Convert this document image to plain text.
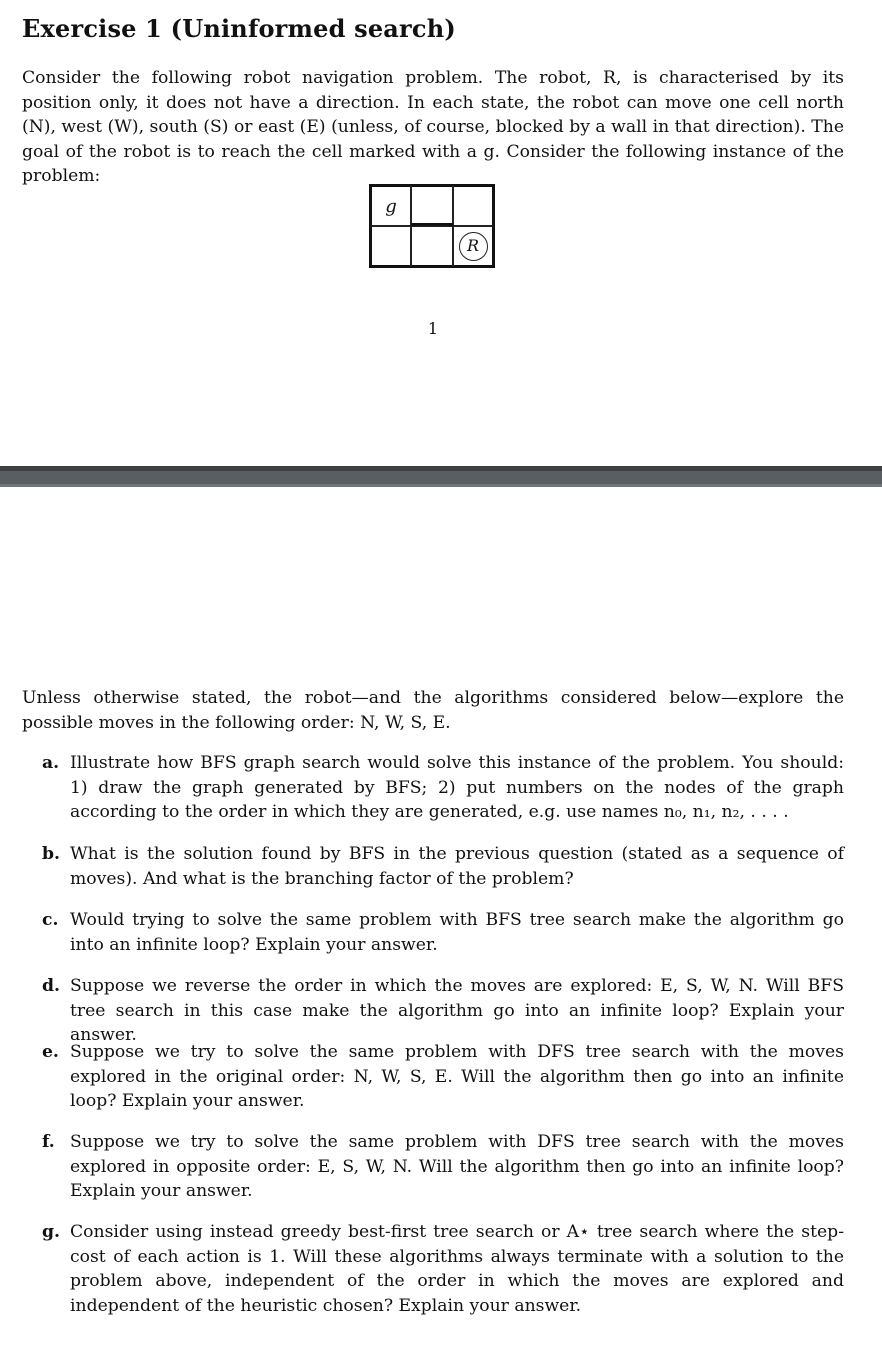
Exercise 1 (Uninformed search)

Consider the following robot navigation problem. The robot, R, is characterised by its position only, it does not have a direction. In each state, the robot can move one cell north (N), west (W), south (S) or east (E) (unless, of course, blocked by a wall in that direction). The goal of the robot is to reach the cell marked with a g. Consider the following instance of the problem:

g
R
1

Unless otherwise stated, the robot—and the algorithms considered below—explore the possible moves in the following order: N, W, S, E.

a. Illustrate how BFS graph search would solve this instance of the problem. You should: 1) draw the graph generated by BFS; 2) put numbers on the nodes of the graph according to the order in which they are generated, e.g. use names n₀, n₁, n₂, . . . .
b. What is the solution found by BFS in the previous question (stated as a sequence of moves). And what is the branching factor of the problem?
c. Would trying to solve the same problem with BFS tree search make the algorithm go into an infinite loop? Explain your answer.
d. Suppose we reverse the order in which the moves are explored: E, S, W, N. Will BFS tree search in this case make the algorithm go into an infinite loop? Explain your answer.
e. Suppose we try to solve the same problem with DFS tree search with the moves explored in the original order: N, W, S, E. Will the algorithm then go into an infinite loop? Explain your answer.
f. Suppose we try to solve the same problem with DFS tree search with the moves explored in opposite order: E, S, W, N. Will the algorithm then go into an infinite loop? Explain your answer.
g. Consider using instead greedy best-first tree search or A⋆ tree search where the step-cost of each action is 1. Will these algorithms always terminate with a solution to the problem above, independent of the order in which the moves are explored and independent of the heuristic chosen? Explain your answer.
